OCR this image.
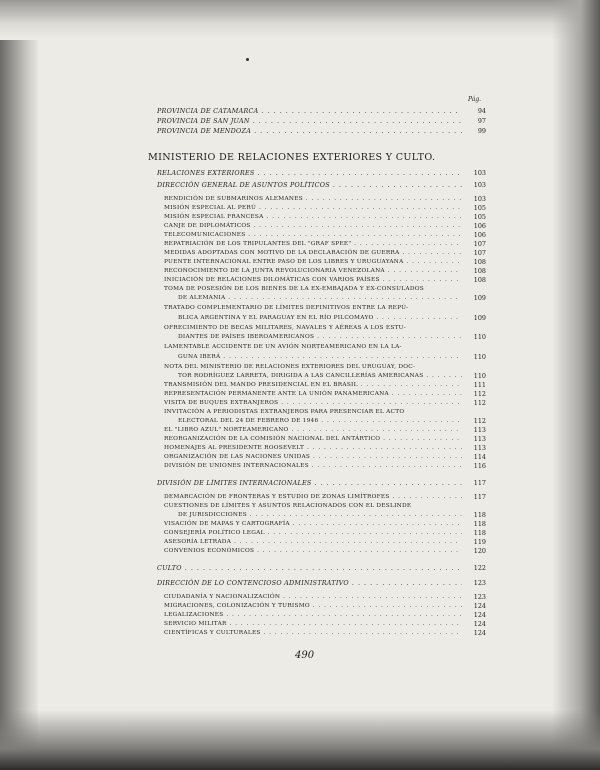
Pág.
MINISTERIO DE RELACIONES EXTERIORES Y CULTO.
490
PROVINCIA DE CATAMARCA . . .	94
PROVINCIA DE SAN JUAN . . .	97
PROVINCIA DE MENDOZA . . .	99
RELACIONES EXTERIORES . . .	103
DIRECCIÓN GENERAL DE ASUNTOS POLÍTICOS . . .	103
RENDICIÓN DE SUBMARINOS ALEMANES . . .	103
MISIÓN ESPECIAL AL PERÚ . . .	105
MISIÓN ESPECIAL FRANCESA . . .	105
CANJE DE DIPLOMÁTICOS . . .	106
TELECOMUNICACIONES . . .	106
REPATRIACIÓN DE LOS TRIPULANTES DEL "GRAF SPEE" . . .	107
MEDIDAS ADOPTADAS CON MOTIVO DE LA DECLARACIÓN DE GUERRA . . .	107
PUENTE INTERNACIONAL ENTRE PASO DE LOS LIBRES Y URUGUAYANA . . .	108
RECONOCIMIENTO DE LA JUNTA REVOLUCIONARIA VENEZOLANA . . .	108
INICIACIÓN DE RELACIONES DILOMÁTICAS CON VARIOS PAÍSES . . .	108
TOMA DE POSESIÓN DE LOS BIENES DE LA EX-EMBAJADA Y EX-CONSULADOS
DE ALEMANIA . . .	109
TRATADO COMPLEMENTARIO DE LÍMITES DEFINITIVOS ENTRE LA REPÚ-
BLICA ARGENTINA Y EL PARAGUAY EN EL RÍO PILCOMAYO . . .	109
OFRECIMIENTO DE BECAS MILITARES, NAVALES Y AÉREAS A LOS ESTU-
DIANTES DE PAÍSES IBEROAMERICANOS . . .	110
LAMENTABLE ACCIDENTE DE UN AVIÓN NORTEAMERICANO EN LA LA-
GUNA IBERÁ . . .	110
NOTA DEL MINISTERIO DE RELACIONES EXTERIORES DEL URUGUAY, DOC-
TOR RODRÍGUEZ LARRETA, DIRIGIDA A LAS CANCILLERÍAS AMERICANAS . . .	110
TRANSMISIÓN DEL MANDO PRESIDENCIAL EN EL BRASIL . . .	111
REPRESENTACIÓN PERMANENTE ANTE LA UNIÓN PANAMERICANA . . .	112
VISITA DE BUQUES EXTRANJEROS . . .	112
INVITACIÓN A PERIODISTAS EXTRANJEROS PARA PRESENCIAR EL ACTO
ELECTORAL DEL 24 DE FEBRERO DE 1946 . . .	112
EL "LIBRO AZUL" NORTEAMERICANO . . .	113
REORGANIZACIÓN DE LA COMISIÓN NACIONAL DEL ANTÁRTICO . . .	113
HOMENAJES AL PRESIDENTE ROOSEVELT . . .	113
ORGANIZACIÓN DE LAS NACIONES UNIDAS . . .	114
DIVISIÓN DE UNIONES INTERNACIONALES . . .	116
DIVISIÓN DE LÍMITES INTERNACIONALES . . .	117
DEMARCACIÓN DE FRONTERAS Y ESTUDIO DE ZONAS LIMÍTROFES . . .	117
CUESTIONES DE LÍMITES Y ASUNTOS RELACIONADOS CON EL DESLINDE
DE JURISDICCIONES . . .	118
VISACIÓN DE MAPAS Y CARTOGRAFÍA . . .	118
CONSEJERÍA POLÍTICO LEGAL . . .	118
ASESORÍA LETRADA . . .	119
CONVENIOS ECONÓMICOS . . .	120
CULTO . . .	122
DIRECCIÓN DE LO CONTENCIOSO ADMINISTRATIVO . . .	123
CIUDADANÍA Y NACIONALIZACIÓN . . .	123
MIGRACIONES, COLONIZACIÓN Y TURISMO . . .	124
LEGALIZACIONES . . .	124
SERVICIO MILITAR . . .	124
CIENTÍFICAS Y CULTURALES . . .	124
